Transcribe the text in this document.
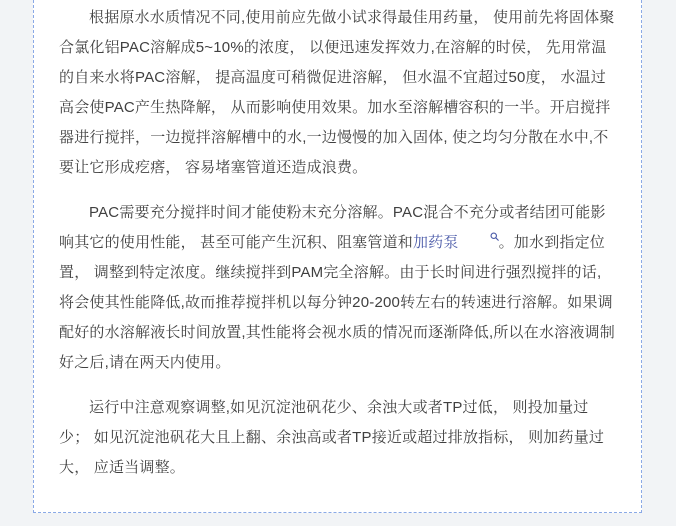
根据原水水质情况不同,使用前应先做小试求得最佳用药量， 使用前先将固体聚合氯化铝PAC溶解成5~10%的浓度， 以便迅速发挥效力,在溶解的时侯， 先用常温的自来水将PAC溶解， 提高温度可稍微促进溶解， 但水温不宜超过50度， 水温过高会使PAC产生热降解， 从而影响使用效果。加水至溶解槽容积的一半。开启搅拌器进行搅拌，一边搅拌溶解槽中的水,一边慢慢的加入固体, 使之均匀分散在水中,不要让它形成疙瘩， 容易堵塞管道还造成浪费。

PAC需要充分搅拌时间才能使粉末充分溶解。PAC混合不充分或者结团可能影响其它的使用性能， 甚至可能产生沉积、阻塞管道和加药泵	。加水到指定位置， 调整到特定浓度。继续搅拌到PAM完全溶解。由于长时间进行强烈搅拌的话,将会使其性能降低,故而推荐搅拌机以每分钟20-200转左右的转速进行溶解。如果调配好的水溶解液长时间放置,其性能将会视水质的情况而逐渐降低,所以在水溶液调制好之后,请在两天内使用。

运行中注意观察调整,如见沉淀池矾花少、余浊大或者TP过低， 则投加量过少； 如见沉淀池矾花大且上翻、余浊高或者TP接近或超过排放指标， 则加药量过大， 应适当调整。
